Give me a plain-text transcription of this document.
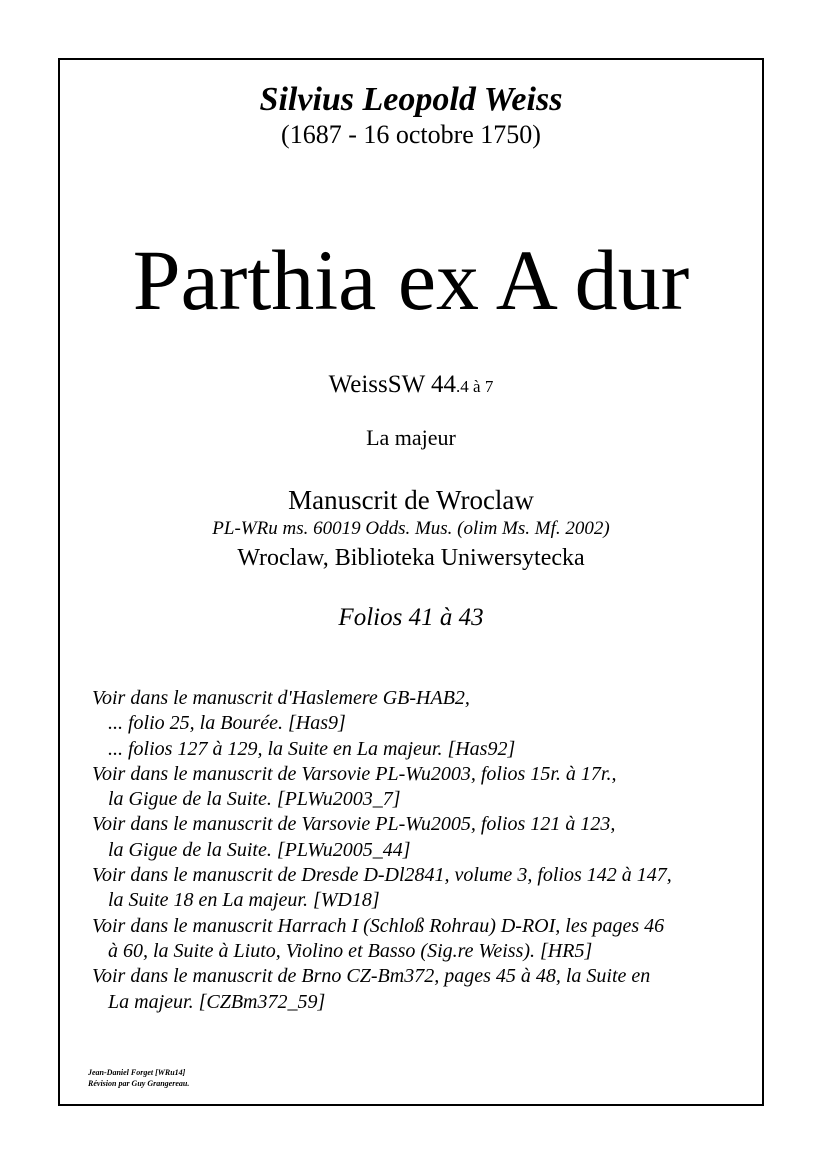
Silvius Leopold Weiss
(1687 - 16 octobre 1750)
Parthia ex A dur
WeissSW 44.4 à 7
La majeur
Manuscrit de Wroclaw
PL-WRu ms. 60019 Odds. Mus. (olim Ms. Mf. 2002)
Wroclaw, Biblioteka Uniwersytecka
Folios 41 à 43
Voir dans le manuscrit d'Haslemere GB-HAB2,
... folio 25, la Bourée. [Has9]
... folios 127 à 129, la Suite en La majeur. [Has92]
Voir dans le manuscrit de Varsovie PL-Wu2003, folios 15r. à 17r.,
la Gigue de la Suite. [PLWu2003_7]
Voir dans le manuscrit de Varsovie PL-Wu2005, folios 121 à 123,
la Gigue de la Suite. [PLWu2005_44]
Voir dans le manuscrit de Dresde D-Dl2841, volume 3, folios 142 à 147,
la Suite 18 en La majeur. [WD18]
Voir dans le manuscrit Harrach I (Schloß Rohrau) D-ROI, les pages 46
à 60, la Suite à Liuto, Violino et Basso (Sig.re Weiss). [HR5]
Voir dans le manuscrit de Brno CZ-Bm372, pages 45 à 48, la Suite en
La majeur. [CZBm372_59]
Jean-Daniel Forget [WRu14]
Révision par Guy Grangereau.
